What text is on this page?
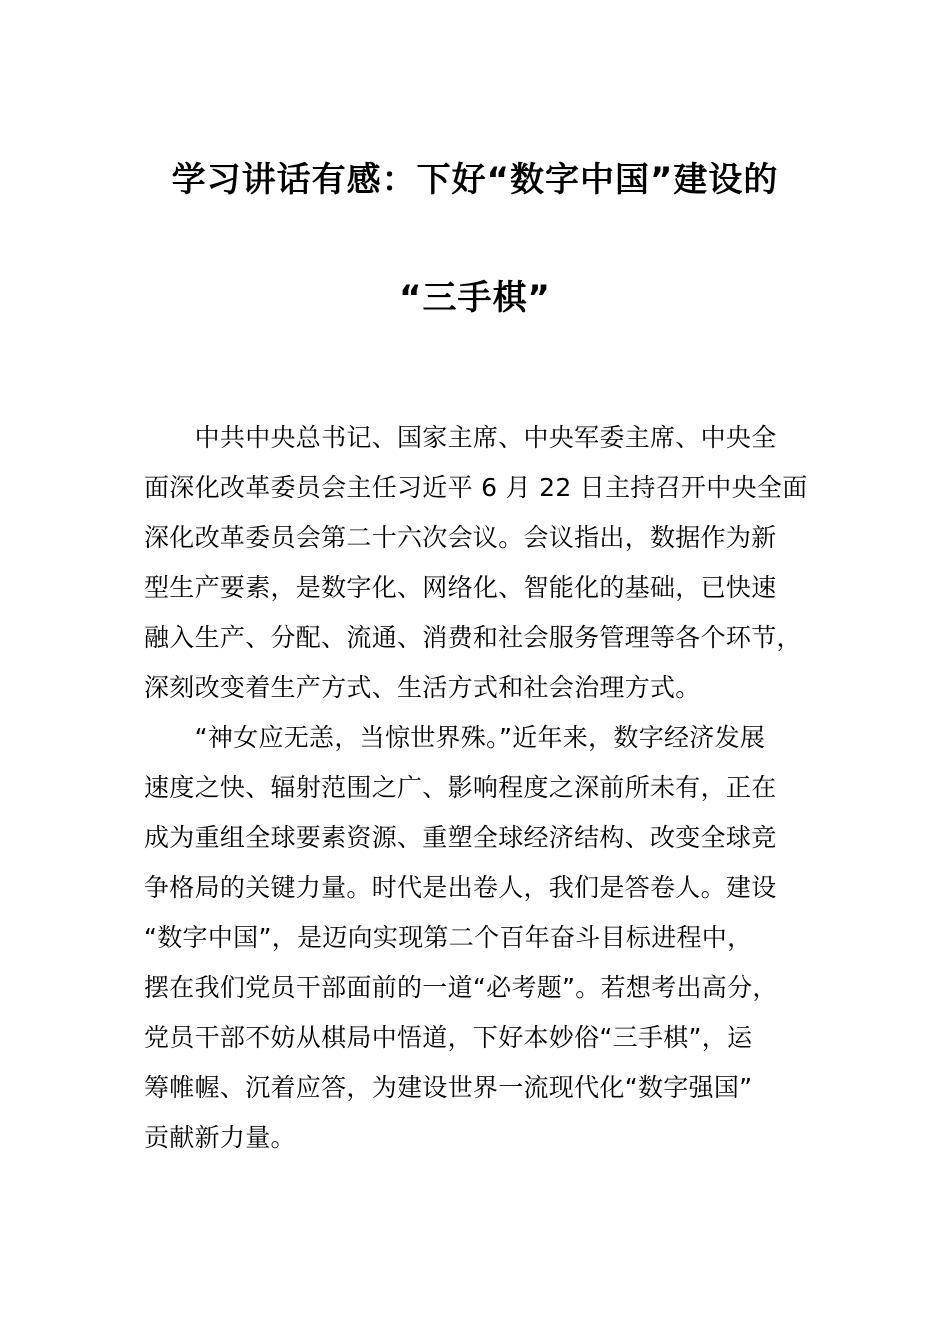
学习讲话有感：下好“数字中国”建设的
“三手棋”
　　中共中央总书记、国家主席、中央军委主席、中央全
面深化改革委员会主任习近平 6 月 22 日主持召开中央全面
深化改革委员会第二十六次会议。会议指出，数据作为新
型生产要素，是数字化、网络化、智能化的基础，已快速
融入生产、分配、流通、消费和社会服务管理等各个环节，
深刻改变着生产方式、生活方式和社会治理方式。
　　“神女应无恙，当惊世界殊。”近年来，数字经济发展
速度之快、辐射范围之广、影响程度之深前所未有，正在
成为重组全球要素资源、重塑全球经济结构、改变全球竞
争格局的关键力量。时代是出卷人，我们是答卷人。建设
“数字中国”，是迈向实现第二个百年奋斗目标进程中，
摆在我们党员干部面前的一道“必考题”。若想考出高分，
党员干部不妨从棋局中悟道，下好本妙俗“三手棋”，运
筹帷幄、沉着应答，为建设世界一流现代化“数字强国”
贡献新力量。
